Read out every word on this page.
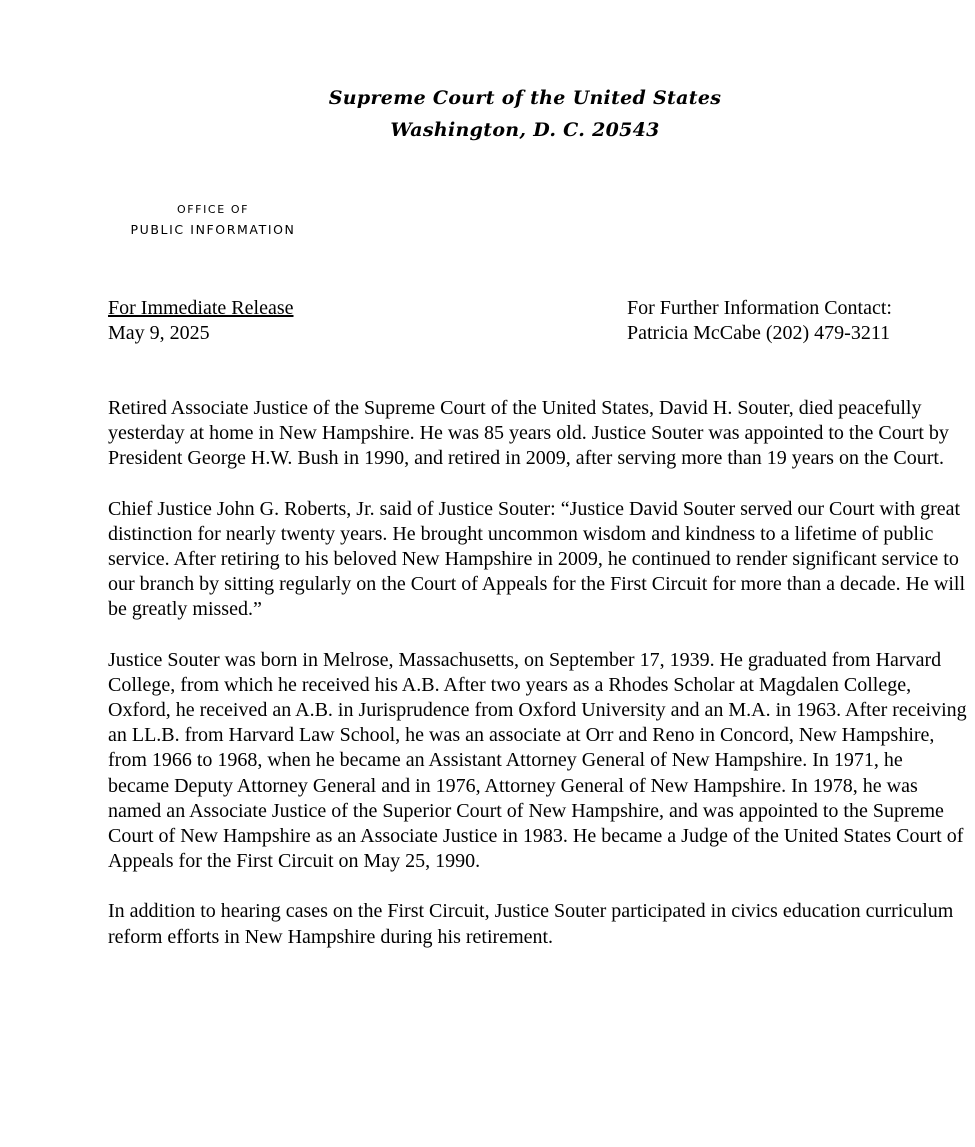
Supreme Court of the United States
Washington, D. C. 20543
OFFICE OF
PUBLIC INFORMATION
For Immediate Release
May 9, 2025
For Further Information Contact:
Patricia McCabe (202) 479-3211

Retired Associate Justice of the Supreme Court of the United States, David H. Souter, died peacefully yesterday at home in New Hampshire. He was 85 years old. Justice Souter was appointed to the Court by President George H.W. Bush in 1990, and retired in 2009, after serving more than 19 years on the Court.

Chief Justice John G. Roberts, Jr. said of Justice Souter: “Justice David Souter served our Court with great distinction for nearly twenty years. He brought uncommon wisdom and kindness to a lifetime of public service. After retiring to his beloved New Hampshire in 2009, he continued to render significant service to our branch by sitting regularly on the Court of Appeals for the First Circuit for more than a decade. He will be greatly missed.”

Justice Souter was born in Melrose, Massachusetts, on September 17, 1939. He graduated from Harvard College, from which he received his A.B. After two years as a Rhodes Scholar at Magdalen College, Oxford, he received an A.B. in Jurisprudence from Oxford University and an M.A. in 1963. After receiving an LL.B. from Harvard Law School, he was an associate at Orr and Reno in Concord, New Hampshire, from 1966 to 1968, when he became an Assistant Attorney General of New Hampshire. In 1971, he became Deputy Attorney General and in 1976, Attorney General of New Hampshire. In 1978, he was named an Associate Justice of the Superior Court of New Hampshire, and was appointed to the Supreme Court of New Hampshire as an Associate Justice in 1983. He became a Judge of the United States Court of Appeals for the First Circuit on May 25, 1990.

In addition to hearing cases on the First Circuit, Justice Souter participated in civics education curriculum reform efforts in New Hampshire during his retirement.
